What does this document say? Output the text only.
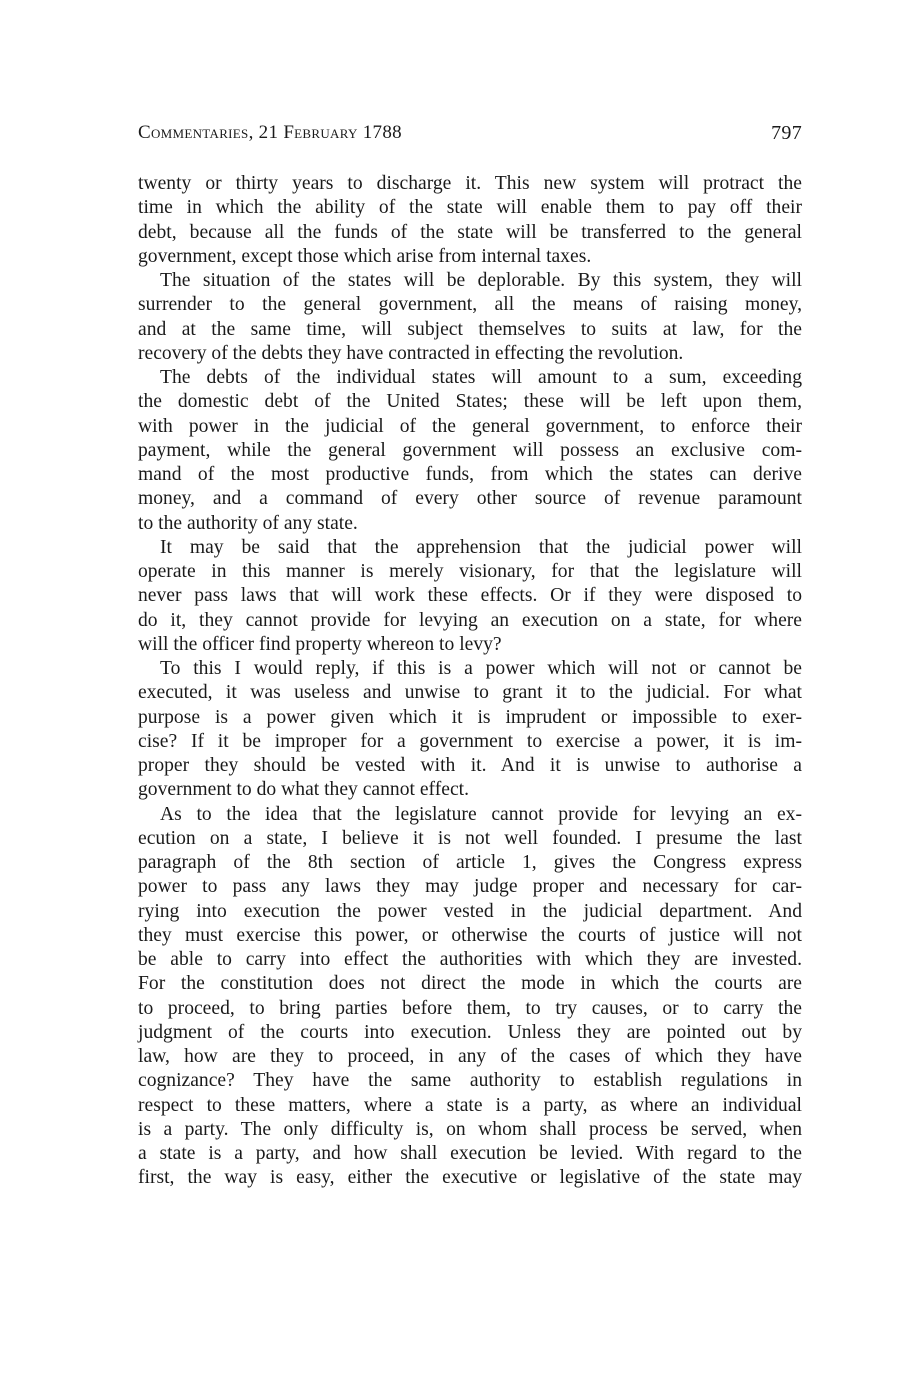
Commentaries, 21 February 1788	797

twenty or thirty years to discharge it. This new system will protract the
time in which the ability of the state will enable them to pay off their
debt, because all the funds of the state will be transferred to the general
government, except those which arise from internal taxes.

The situation of the states will be deplorable. By this system, they will
surrender to the general government, all the means of raising money,
and at the same time, will subject themselves to suits at law, for the
recovery of the debts they have contracted in effecting the revolution.

The debts of the individual states will amount to a sum, exceeding
the domestic debt of the United States; these will be left upon them,
with power in the judicial of the general government, to enforce their
payment, while the general government will possess an exclusive com-
mand of the most productive funds, from which the states can derive
money, and a command of every other source of revenue paramount
to the authority of any state.

It may be said that the apprehension that the judicial power will
operate in this manner is merely visionary, for that the legislature will
never pass laws that will work these effects. Or if they were disposed to
do it, they cannot provide for levying an execution on a state, for where
will the officer find property whereon to levy?

To this I would reply, if this is a power which will not or cannot be
executed, it was useless and unwise to grant it to the judicial. For what
purpose is a power given which it is imprudent or impossible to exer-
cise? If it be improper for a government to exercise a power, it is im-
proper they should be vested with it. And it is unwise to authorise a
government to do what they cannot effect.

As to the idea that the legislature cannot provide for levying an ex-
ecution on a state, I believe it is not well founded. I presume the last
paragraph of the 8th section of article 1, gives the Congress express
power to pass any laws they may judge proper and necessary for car-
rying into execution the power vested in the judicial department. And
they must exercise this power, or otherwise the courts of justice will not
be able to carry into effect the authorities with which they are invested.
For the constitution does not direct the mode in which the courts are
to proceed, to bring parties before them, to try causes, or to carry the
judgment of the courts into execution. Unless they are pointed out by
law, how are they to proceed, in any of the cases of which they have
cognizance? They have the same authority to establish regulations in
respect to these matters, where a state is a party, as where an individual
is a party. The only difficulty is, on whom shall process be served, when
a state is a party, and how shall execution be levied. With regard to the
first, the way is easy, either the executive or legislative of the state may
